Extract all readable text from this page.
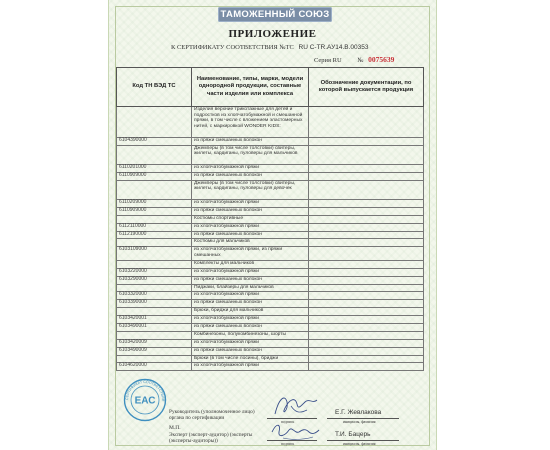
ТАМОЖЕННЫЙ СОЮЗ
ПРИЛОЖЕНИЕ
К СЕРТИФИКАТУ СООТВЕТСТВИЯ №ТС RU C-TR.АУ14.В.00353
Серия RU № 0075639
Код ТН ВЭД ТС	Наименование, типы, марки, модели однородной продукции, составные части изделия или комплекса	Обозначение документации, по которой выпускается продукция
	Изделия верхние трикотажные для детей и подростков из хлопчатобумажной и смешанной пряжи, в том числе с вложением эластомерных нитей, с маркировкой WONDER KIDS:	
6104390000	из пряжи смешанных волокон	
	Джемперы (в том числе толстовки) свитеры, жилеты, кардиганы, пуловеры для мальчиков	
6110201000	из хлопчатобумажной пряжи	
6110909000	из пряжи смешанных волокон	
	Джемперы (в том числе толстовки) свитеры, жилеты, кардиганы, пуловеры для девочек	
6110209000	из хлопчатобумажной пряжи	
6110909000	из пряжи смешанных волокон	
	Костюмы спортивные	
6112110000	из хлопчатобумажной пряжи	
6112190000	из пряжи смешанных волокон	
	Костюмы для мальчиков	
6103109000	из хлопчатобумажной пряжи, из пряжи смешанных	
	Комплекты для мальчиков	
6103220000	из хлопчатобумажной пряжи	
6103290000	из пряжи смешанных волокон	
	Пиджаки, блайзеры для мальчиков	
6103320000	из хлопчатобумажной пряжи	
6103390000	из пряжи смешанных волокон	
	Брюки, бриджи для мальчиков	
6103420001	из хлопчатобумажной пряжи	
6103490001	из пряжи смешанных волокон	
	Комбинезоны, полукомбинезоны, шорты	
6103420009	из хлопчатобумажной пряжи	
6103490009	из пряжи смешанных волокон	
	Брюки (в том числе лосины), бриджи	
6104620000	из хлопчатобумажной пряжи	
СЕРТИФИКАТ СООТВЕТСТВИЯ
ЕАС
М.П.
Руководитель (уполномоченное лицо) органа по сертификации
подпись
Е.Г. Жевлакова
инициалы, фамилия
Эксперт (эксперт-аудитор) (эксперты (эксперты-аудиторы))	подпись
Т.И. Бацерь
инициалы, фамилия
